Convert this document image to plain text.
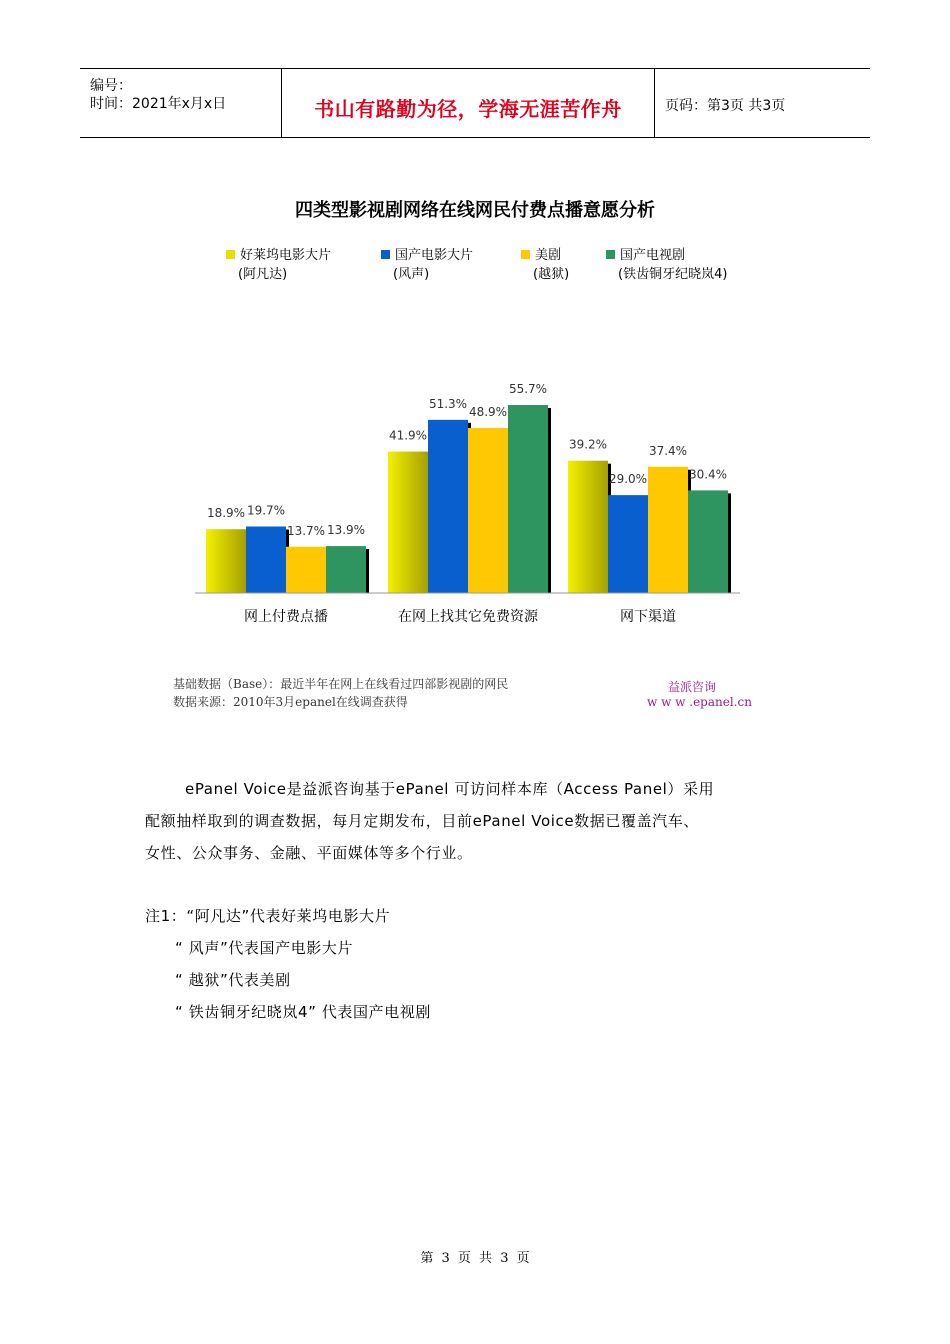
编号：
时间：2021年x月x日	书山有路勤为径，学海无涯苦作舟	页码：第3页 共3页
四类型影视剧网络在线网民付费点播意愿分析
好莱坞电影大片
(阿凡达)
国产电影大片
(风声)
美剧
(越狱)
国产电视剧
(铁齿铜牙纪晓岚4)
18.9% 19.7%
13.7% 13.9%
网上付费点播
41.9%
51.3%
48.9%
55.7%
在网上找其它免费资源
39.2%
29.0%
37.4%
30.4%
网下渠道
基础数据（Base）：最近半年在网上在线看过四部影视剧的网民
数据来源：2010年3月epanel在线调查获得
益派咨询
w w w .epanel.cn
ePanel Voice是益派咨询基于ePanel 可访问样本库（Access Panel）采用
配额抽样取到的调查数据，每月定期发布，目前ePanel Voice数据已覆盖汽车、
女性、公众事务、金融、平面媒体等多个行业。
注1：“阿凡达”代表好莱坞电影大片
“ 风声”代表国产电影大片
“ 越狱”代表美剧
“ 铁齿铜牙纪晓岚4” 代表国产电视剧
第 3 页 共 3 页
